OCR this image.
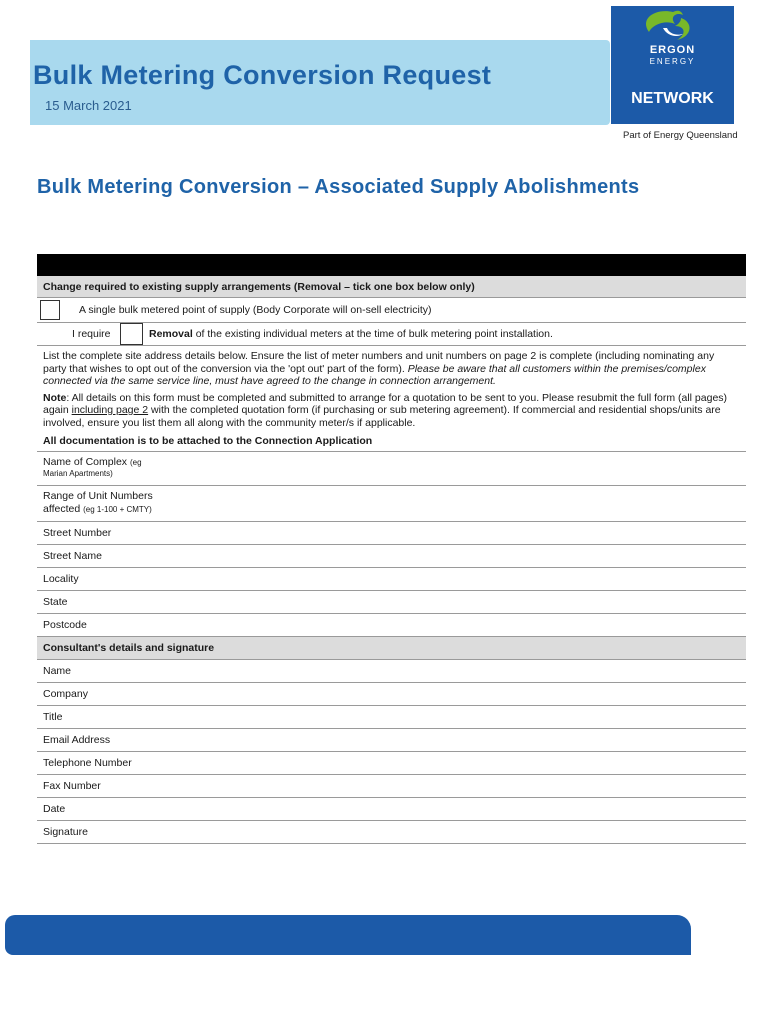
Bulk Metering Conversion Request
15 March 2021
ERGON
ENERGY
NETWORK
Part of Energy Queensland
Bulk Metering Conversion – Associated Supply Abolishments
Change required to existing supply arrangements (Removal – tick one box below only)
A single bulk metered point of supply (Body Corporate will on-sell electricity)
I require	Removal of the existing individual meters at the time of bulk metering point installation.
List the complete site address details below. Ensure the list of meter numbers and unit numbers on page 2 is complete (including nominating any party that wishes to opt out of the conversion via the 'opt out' part of the form). Please be aware that all customers within the premises/complex connected via the same service line, must have agreed to the change in connection arrangement.
Note: All details on this form must be completed and submitted to arrange for a quotation to be sent to you. Please resubmit the full form (all pages) again including page 2 with the completed quotation form (if purchasing or sub metering agreement). If commercial and residential shops/units are involved, ensure you list them all along with the community meter/s if applicable.
All documentation is to be attached to the Connection Application
Name of Complex (eg
Marian Apartments)
Range of Unit Numbers
affected (eg 1-100 + CMTY)
Street Number
Street Name
Locality
State
Postcode
Consultant's details and signature
Name
Company
Title
Email Address
Telephone Number
Fax Number
Date
Signature
